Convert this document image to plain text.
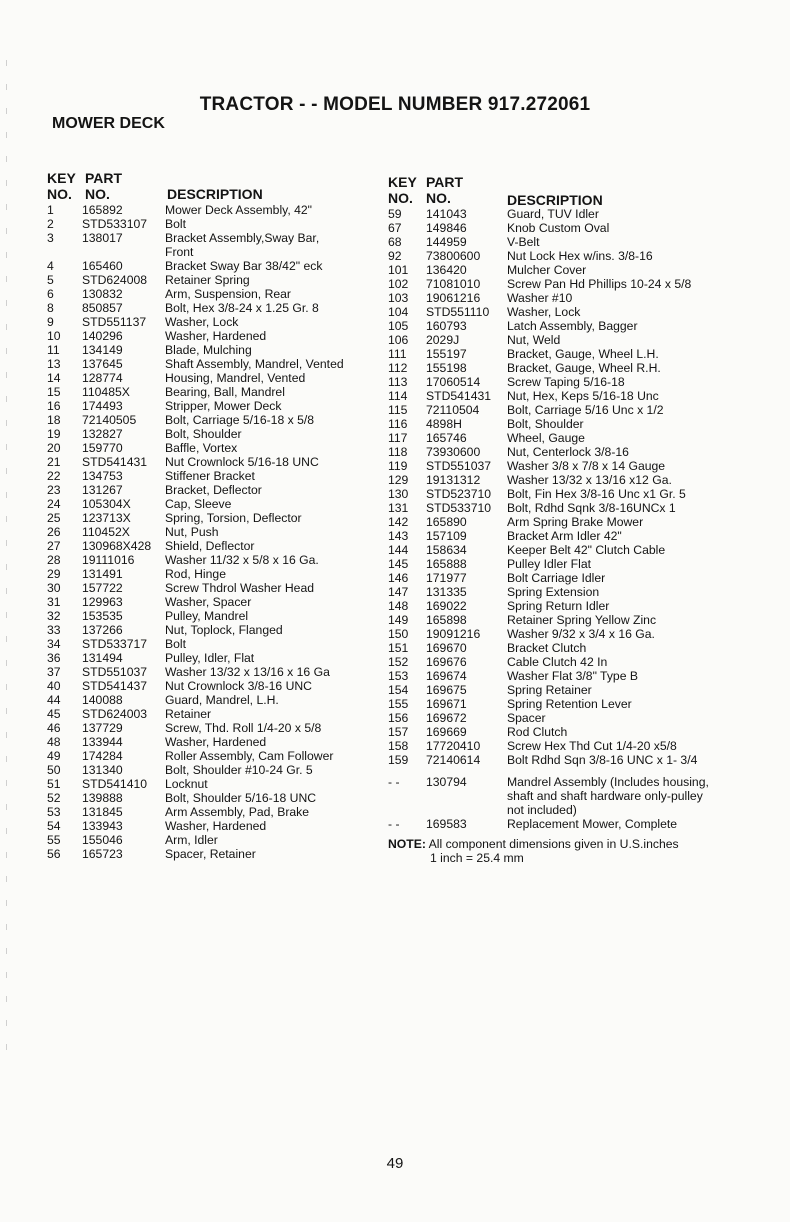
TRACTOR - - MODEL NUMBER 917.272061
MOWER DECK
KEY
NO.
PART
NO.	DESCRIPTION
1 165892	Mower Deck Assembly, 42"
2 STD533107 Bolt
3 138017	Bracket Assembly,Sway Bar, Front
4 165460	Bracket Sway Bar 38/42" eck
5 STD624008 Retainer Spring
6 130832	Arm, Suspension, Rear
8 850857	Bolt, Hex 3/8-24 x 1.25 Gr. 8
9 STD551137 Washer, Lock
10 140296	Washer, Hardened
11 134149	Blade, Mulching
13 137645	Shaft Assembly, Mandrel, Vented
14 128774	Housing, Mandrel, Vented
15 110485X	Bearing, Ball, Mandrel
16 174493	Stripper, Mower Deck
18 72140505 Bolt, Carriage 5/16-18 x 5/8
19 132827	Bolt, Shoulder
20 159770	Baffle, Vortex
21 STD541431 Nut Crownlock 5/16-18 UNC
22 134753	Stiffener Bracket
23 131267	Bracket, Deflector
24 105304X	Cap, Sleeve
25 123713X	Spring, Torsion, Deflector
26 110452X	Nut, Push
27 130968X428 Shield, Deflector
28 19111016	Washer 11/32 x 5/8 x 16 Ga.
29 131491	Rod, Hinge
30 157722	Screw Thdrol Washer Head
31 129963	Washer, Spacer
32 153535	Pulley, Mandrel
33 137266	Nut, Toplock, Flanged
34 STD533717 Bolt
36 131494	Pulley, Idler, Flat
37 STD551037 Washer 13/32 x 13/16 x 16 Ga
40 STD541437 Nut Crownlock 3/8-16 UNC
44 140088	Guard, Mandrel, L.H.
45 STD624003 Retainer
46 137729	Screw, Thd. Roll 1/4-20 x 5/8
48 133944	Washer, Hardened
49 174284	Roller Assembly, Cam Follower
50 131340	Bolt, Shoulder #10-24 Gr. 5
51 STD541410 Locknut
52 139888	Bolt, Shoulder 5/16-18 UNC
53 131845	Arm Assembly, Pad, Brake
54 133943	Washer, Hardened
55 155046	Arm, Idler
56 165723	Spacer, Retainer
KEY
NO.
PART
NO.	DESCRIPTION
59 141043	Guard, TUV Idler
67 149846	Knob Custom Oval
68 144959	V-Belt
92 73800600 Nut Lock Hex w/ins. 3/8-16
101 136420	Mulcher Cover
102 71081010 Screw Pan Hd Phillips 10-24 x 5/8
103 19061216 Washer #10
104 STD551110 Washer, Lock
105 160793	Latch Assembly, Bagger
106 2029J	Nut, Weld
111 155197	Bracket, Gauge, Wheel L.H.
112 155198	Bracket, Gauge, Wheel R.H.
113 17060514 Screw Taping 5/16-18
114 STD541431 Nut, Hex, Keps 5/16-18 Unc
115 72110504 Bolt, Carriage 5/16 Unc x 1/2
116 4898H	Bolt, Shoulder
117 165746	Wheel, Gauge
118 73930600 Nut, Centerlock 3/8-16
119 STD551037 Washer 3/8 x 7/8 x 14 Gauge
129 19131312 Washer 13/32 x 13/16 x12 Ga.
130 STD523710 Bolt, Fin Hex 3/8-16 Unc x1 Gr. 5
131 STD533710 Bolt, Rdhd Sqnk 3/8-16UNCx 1
142 165890	Arm Spring Brake Mower
143 157109	Bracket Arm Idler 42"
144 158634	Keeper Belt 42" Clutch Cable
145 165888	Pulley Idler Flat
146 171977	Bolt Carriage Idler
147 131335	Spring Extension
148 169022	Spring Return Idler
149 165898	Retainer Spring Yellow Zinc
150 19091216 Washer 9/32 x 3/4 x 16 Ga.
151 169670	Bracket Clutch
152 169676	Cable Clutch 42 In
153 169674	Washer Flat 3/8" Type B
154 169675	Spring Retainer
155 169671	Spring Retention Lever
156 169672	Spacer
157 169669	Rod Clutch
158 17720410 Screw Hex Thd Cut 1/4-20 x5/8
159 72140614 Bolt Rdhd Sqn 3/8-16 UNC x 1- 3/4
- - 130794	Mandrel Assembly (Includes housing, shaft and shaft hardware only-pulley not included)
- - 169583	Replacement Mower, Complete
NOTE: All component dimensions given in U.S.inches
1 inch = 25.4 mm
49
